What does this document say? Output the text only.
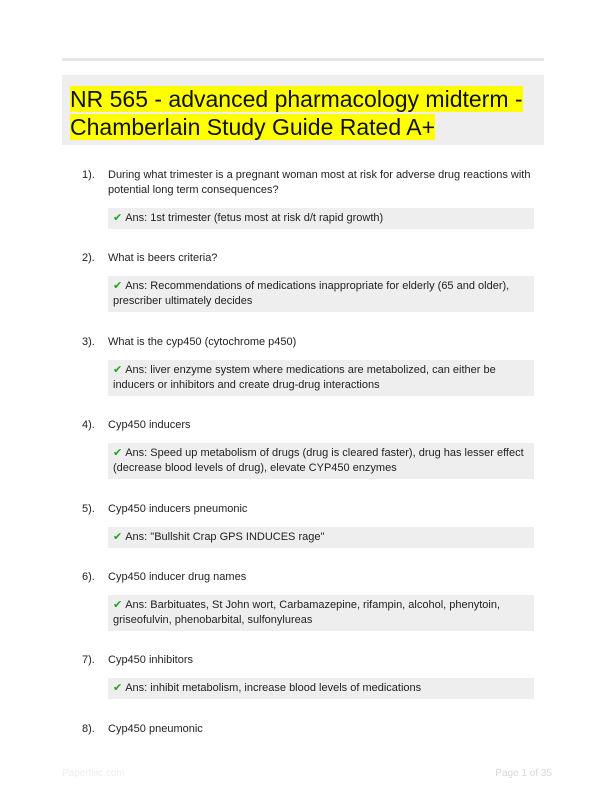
NR 565 - advanced pharmacology midterm - Chamberlain Study Guide Rated A+
1). During what trimester is a pregnant woman most at risk for adverse drug reactions with potential long term consequences?
✔ Ans: 1st trimester (fetus most at risk d/t rapid growth)
2). What is beers criteria?
✔ Ans: Recommendations of medications inappropriate for elderly (65 and older), prescriber ultimately decides
3). What is the cyp450 (cytochrome p450)
✔ Ans: liver enzyme system where medications are metabolized, can either be inducers or inhibitors and create drug-drug interactions
4). Cyp450 inducers
✔ Ans: Speed up metabolism of drugs (drug is cleared faster), drug has lesser effect (decrease blood levels of drug), elevate CYP450 enzymes
5). Cyp450 inducers pneumonic
✔ Ans: "Bullshit Crap GPS INDUCES rage"
6). Cyp450 inducer drug names
✔ Ans: Barbituates, St John wort, Carbamazepine, rifampin, alcohol, phenytoin, griseofulvin, phenobarbital, sulfonylureas
7). Cyp450 inhibitors
✔ Ans: inhibit metabolism, increase blood levels of medications
8). Cyp450 pneumonic
Paperfiiic.com	Page 1 of 35
